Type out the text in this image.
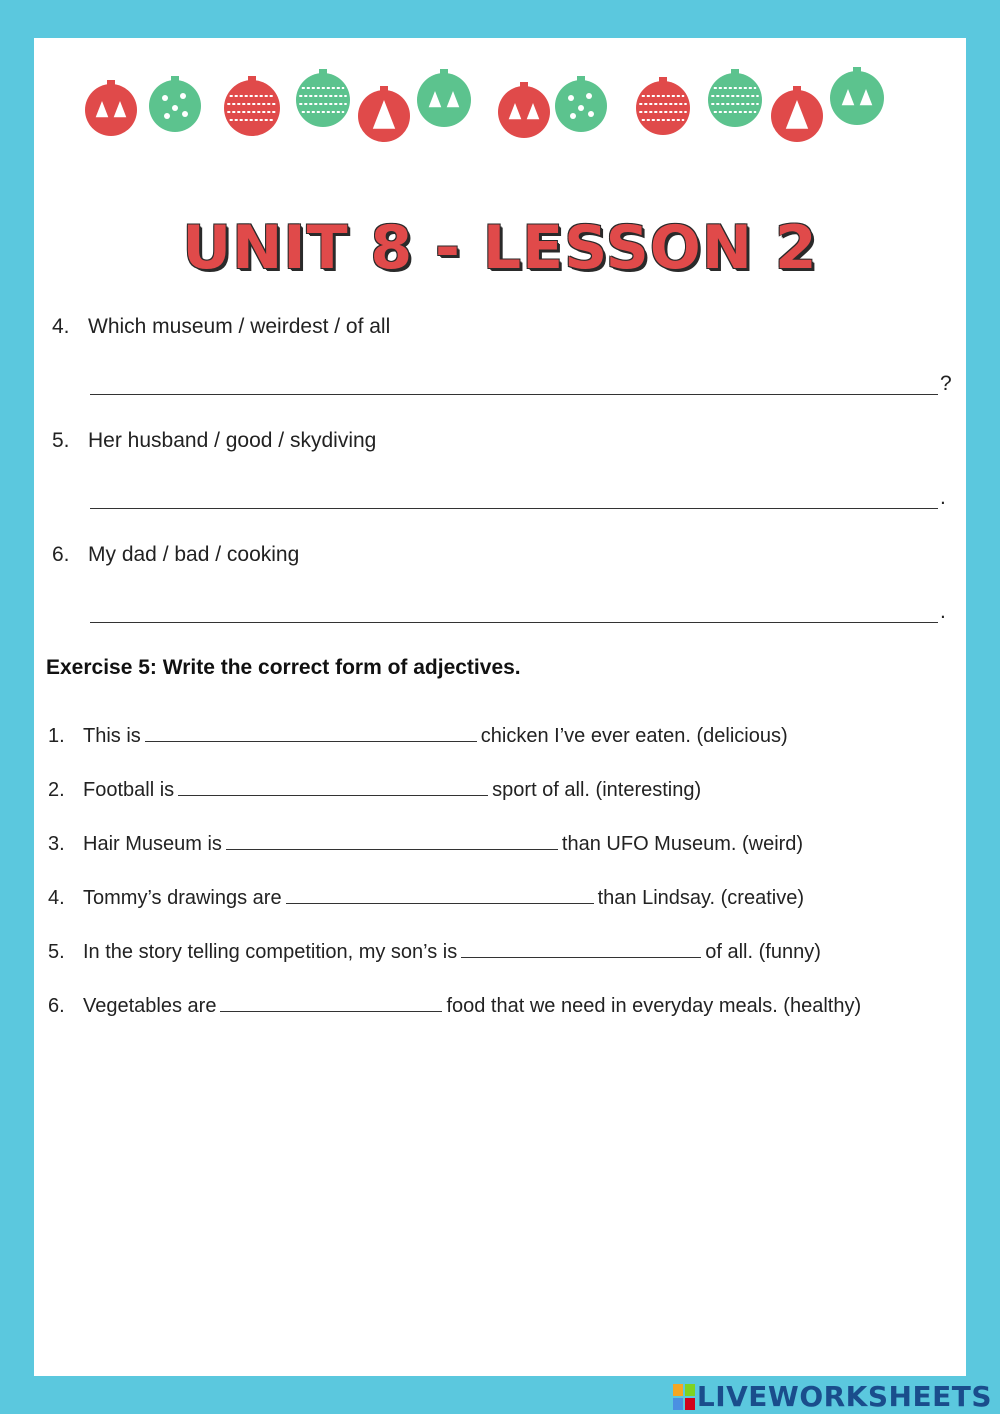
UNIT 8 - LESSON 2
4. Which museum / weirdest / of all
?
5. Her husband / good / skydiving
.
6. My dad / bad / cooking
.
Exercise 5: Write the correct form of adjectives.
1. This is	chicken I’ve ever eaten. (delicious)
2. Football is	sport of all. (interesting)
3. Hair Museum is	than UFO Museum. (weird)
4. Tommy’s drawings are	than Lindsay. (creative)
5. In the story telling competition, my son’s is	of all. (funny)
6. Vegetables are	food that we need in everyday meals. (healthy)
LIVEWORKSHEETS
